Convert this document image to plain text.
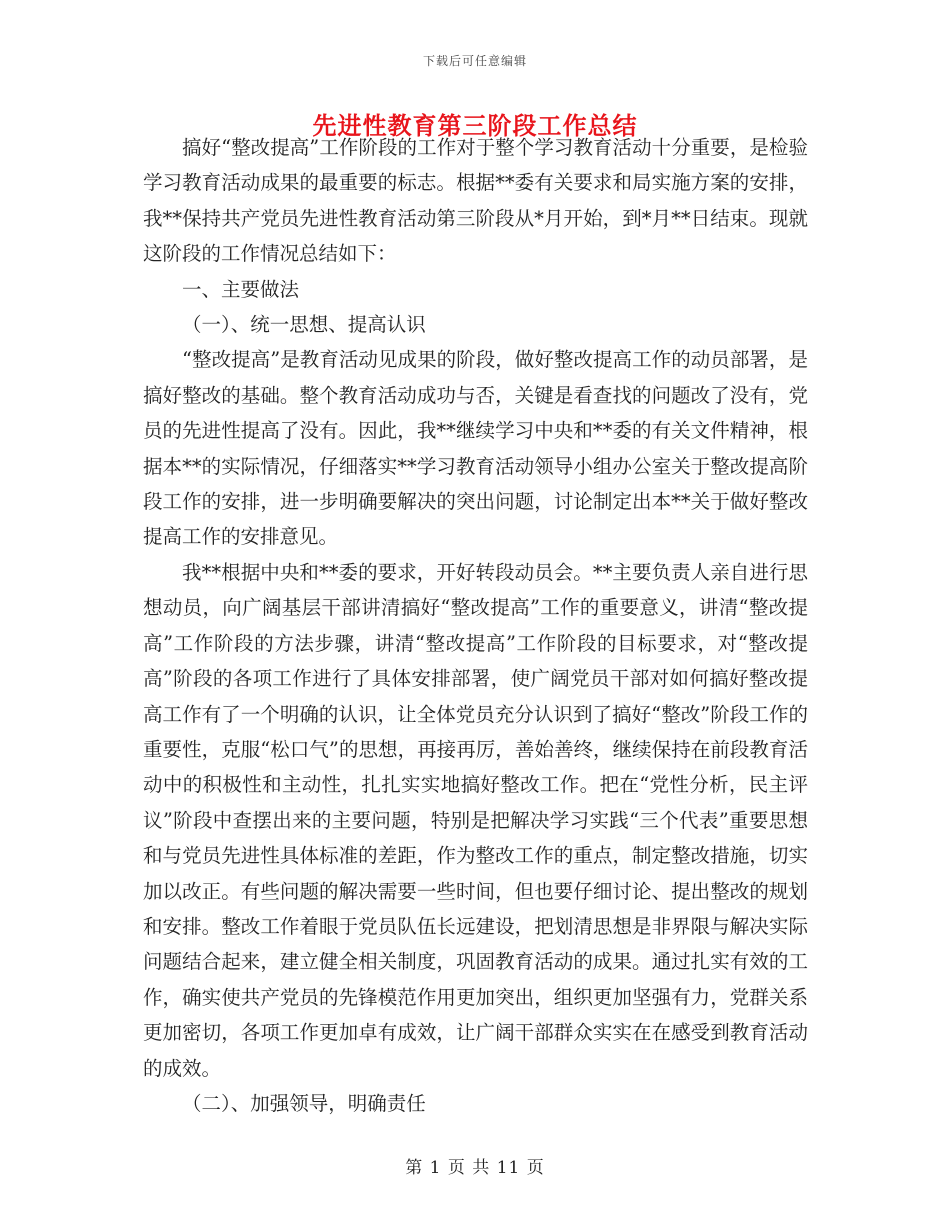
下载后可任意编辑
先进性教育第三阶段工作总结

搞好“整改提高”工作阶段的工作对于整个学习教育活动十分重要，是检验学习教育活动成果的最重要的标志。根据**委有关要求和局实施方案的安排，我**保持共产党员先进性教育活动第三阶段从*月开始，到*月**日结束。现就这阶段的工作情况总结如下：

一、主要做法

（一）、统一思想、提高认识

“整改提高”是教育活动见成果的阶段，做好整改提高工作的动员部署，是搞好整改的基础。整个教育活动成功与否，关键是看查找的问题改了没有，党员的先进性提高了没有。因此，我**继续学习中央和**委的有关文件精神，根据本**的实际情况，仔细落实**学习教育活动领导小组办公室关于整改提高阶段工作的安排，进一步明确要解决的突出问题，讨论制定出本**关于做好整改提高工作的安排意见。

我**根据中央和**委的要求，开好转段动员会。**主要负责人亲自进行思想动员，向广阔基层干部讲清搞好“整改提高”工作的重要意义，讲清“整改提高”工作阶段的方法步骤，讲清“整改提高”工作阶段的目标要求，对“整改提高”阶段的各项工作进行了具体安排部署，使广阔党员干部对如何搞好整改提高工作有了一个明确的认识，让全体党员充分认识到了搞好“整改”阶段工作的重要性，克服“松口气”的思想，再接再厉，善始善终，继续保持在前段教育活动中的积极性和主动性，扎扎实实地搞好整改工作。把在“党性分析，民主评议”阶段中查摆出来的主要问题，特别是把解决学习实践“三个代表”重要思想和与党员先进性具体标准的差距，作为整改工作的重点，制定整改措施，切实加以改正。有些问题的解决需要一些时间，但也要仔细讨论、提出整改的规划和安排。整改工作着眼于党员队伍长远建设，把划清思想是非界限与解决实际问题结合起来，建立健全相关制度，巩固教育活动的成果。通过扎实有效的工作，确实使共产党员的先锋模范作用更加突出，组织更加坚强有力，党群关系更加密切，各项工作更加卓有成效，让广阔干部群众实实在在感受到教育活动的成效。

（二）、加强领导，明确责任

第 1 页 共 11 页
